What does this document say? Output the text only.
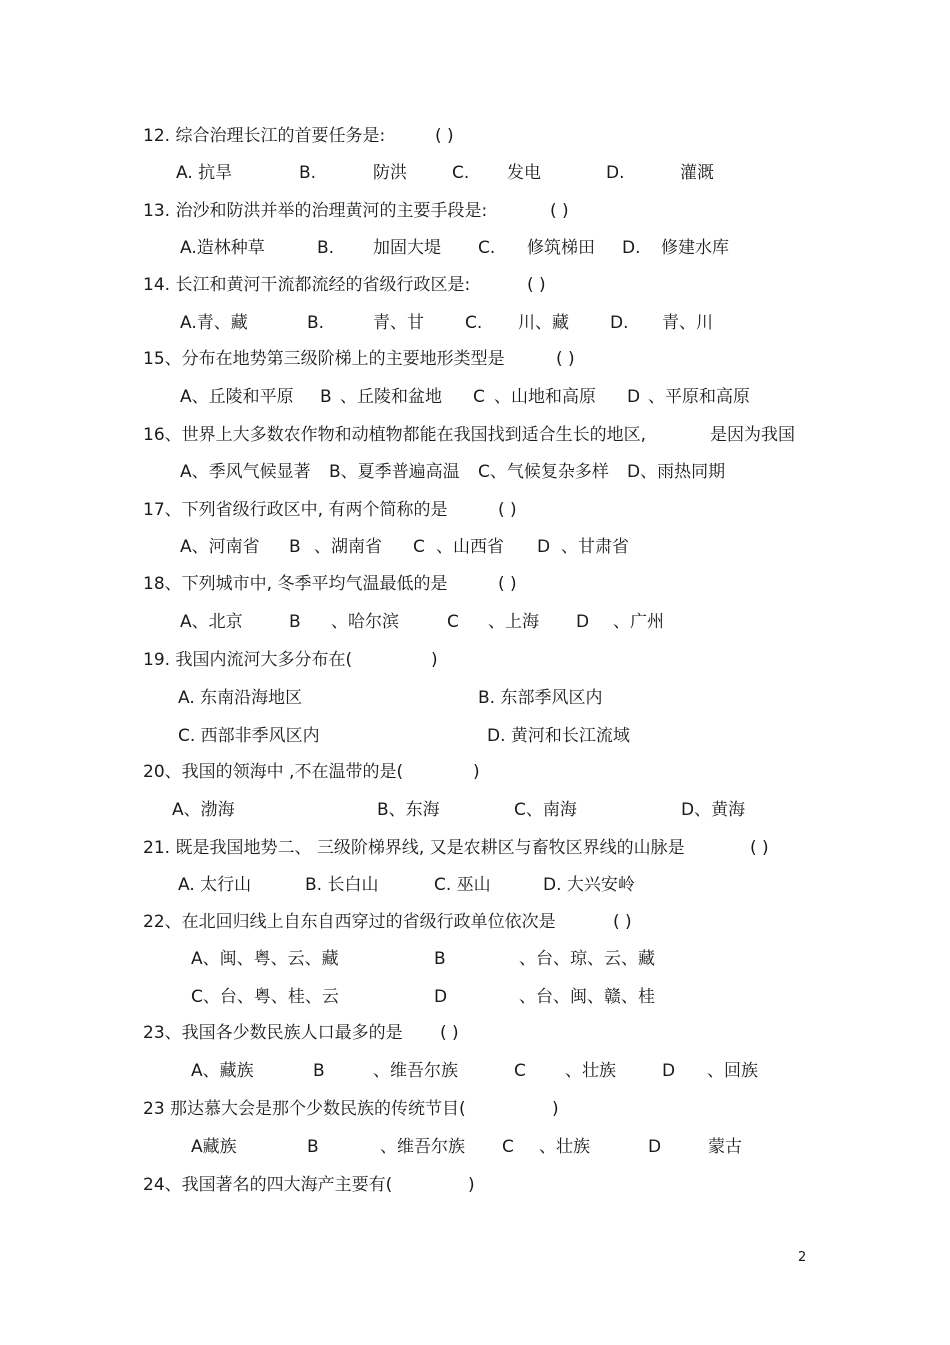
12. 综合治理长江的首要任务是:	( )
A. 抗旱	B.	防洪	C. 发电	D.	灌溉
13. 治沙和防洪并举的治理黄河的主要手段是:	( )
A.造林种草	B. 加固大堤 C. 修筑梯田 D. 修建水库
14. 长江和黄河干流都流经的省级行政区是:	( )
A.青、藏	B.	青、甘 C. 川、藏 D. 青、川
15、分布在地势第三级阶梯上的主要地形类型是	( )
A、丘陵和平原 B 、丘陵和盆地 C 、山地和高原 D 、平原和高原
16、世界上大多数农作物和动植物都能在我国找到适合生长的地区,	是因为我国
A、季风气候显著 B、夏季普遍高温 C、气候复杂多样 D、雨热同期
17、下列省级行政区中, 有两个简称的是	( )
A、河南省 B 、湖南省 C 、山西省 D 、甘肃省
18、下列城市中, 冬季平均气温最低的是	( )
A、北京	B 、哈尔滨	C 、上海 D 、广州
19. 我国内流河大多分布在(	)
A. 东南沿海地区	B. 东部季风区内
C. 西部非季风区内	D. 黄河和长江流域
20、我国的领海中 ,不在温带的是(	)
A、渤海	B、东海	C、南海	D、黄海
21. 既是我国地势二、 三级阶梯界线, 又是农耕区与畜牧区界线的山脉是	( )
A. 太行山	B. 长白山	C. 巫山	D. 大兴安岭
22、在北回归线上自东自西穿过的省级行政单位依次是	( )
A、闽、粤、云、藏	B	、台、琼、云、藏
C、台、粤、桂、云	D	、台、闽、赣、桂
23、我国各少数民族人口最多的是 ( )
A、藏族	B	、维吾尔族	C 、壮族	D 、回族
23 那达慕大会是那个少数民族的传统节目(	)
A藏族	B	、维吾尔族 C 、壮族	D	蒙古
24、我国著名的四大海产主要有(	)
2
